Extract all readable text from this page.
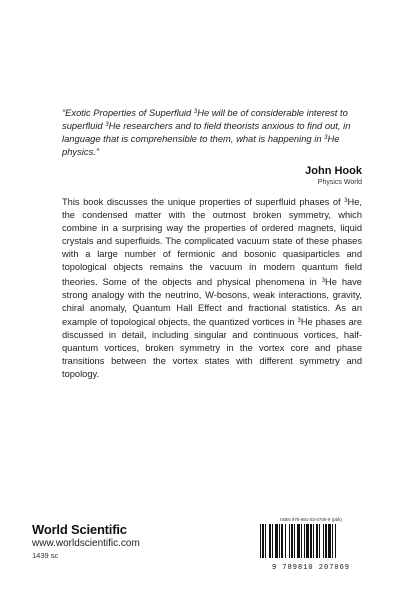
“Exotic Properties of Superfluid $^3$He will be of considerable interest to superfluid $^3$He researchers and to field theorists anxious to find out, in language that is comprehensible to them, what is happening in $^3$He physics.”
John Hook
Physics World
This book discusses the unique properties of superfluid phases of $^3$He, the condensed matter with the outmost broken symmetry, which combine in a surprising way the properties of ordered magnets, liquid crystals and superfluids. The complicated vacuum state of these phases with a large number of fermionic and bosonic quasiparticles and topological objects remains the vacuum in modern quantum field theories. Some of the objects and physical phenomena in $^3$He have strong analogy with the neutrino, W-bosons, weak interactions, gravity, chiral anomaly, Quantum Hall Effect and fractional statistics. As an example of topological objects, the quantized vortices in $^3$He phases are discussed in detail, including singular and continuous vortices, half-quantum vortices, broken symmetry in the vortex core and phase transitions between the vortex states with different symmetry and topology.
World Scientific
www.worldscientific.com
1439 sc
ISBN 978-981-02-0708-9 (pbk)
9 789810 207069
